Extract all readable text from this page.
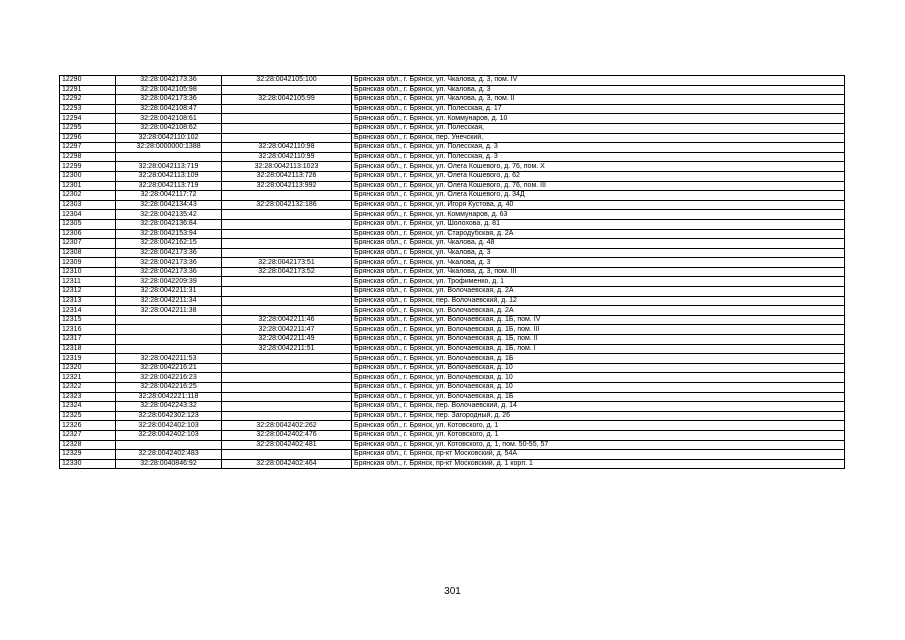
12290	32:28:0042173:36	32:28:0042105:100	Брянская обл., г. Брянск, ул. Чкалова, д. 3, пом. IV
12291	32:28:0042105:98		Брянская обл., г. Брянск, ул. Чкалова, д. 3
12292	32:28:0042173:36	32:28:0042105:99	Брянская обл., г. Брянск, ул. Чкалова, д. 3, пом. II
12293	32:28:0042108:47		Брянская обл., г. Брянск, ул. Полесская, д. 17
12294	32:28:0042108:61		Брянская обл., г. Брянск, ул. Коммунаров, д. 10
12295	32:28:0042108:62		Брянская обл., г. Брянск, ул. Полесская,
12296	32:28:0042110:102		Брянская обл., г. Брянск, пер. Унечский,
12297	32:28:0000000:1388	32:28:0042110:98	Брянская обл., г. Брянск, ул. Полесская, д. 3
12298		32:28:0042110:99	Брянская обл., г. Брянск, ул. Полесская, д. 3
12299	32:28:0042113:719	32:28:0042113:1023	Брянская обл., г. Брянск, ул. Олега Кошевого, д. 76, пом. X
12300	32:28:0042113:109	32:28:0042113:726	Брянская обл., г. Брянск, ул. Олега Кошевого, д. 62
12301	32:28:0042113:719	32:28:0042113:992	Брянская обл., г. Брянск, ул. Олега Кошевого, д. 76, пом. III
12302	32:28:0042117:72		Брянская обл., г. Брянск, ул. Олега Кошевого, д. 34Д
12303	32:28:0042134:43	32:28:0042132:186	Брянская обл., г. Брянск, ул. Игоря Кустова, д. 40
12304	32:28:0042135:42		Брянская обл., г. Брянск, ул. Коммунаров, д. 63
12305	32:28:0042136:84		Брянская обл., г. Брянск, ул. Шолохова, д. 81
12306	32:28:0042153:94		Брянская обл., г. Брянск, ул. Стародубская, д. 2А
12307	32:28:0042162:15		Брянская обл., г. Брянск, ул. Чкалова, д. 48
12308	32:28:0042173:36		Брянская обл., г. Брянск, ул. Чкалова, д. 3
12309	32:28:0042173:36	32:28:0042173:51	Брянская обл., г. Брянск, ул. Чкалова, д. 3
12310	32:28:0042173:36	32:28:0042173:52	Брянская обл., г. Брянск, ул. Чкалова, д. 3, пом. III
12311	32:28:0042209:39		Брянская обл., г. Брянск, ул. Трофименко, д. 1
12312	32:28:0042211:31		Брянская обл., г. Брянск, ул. Волочаевская, д. 2А
12313	32:28:0042211:34		Брянская обл., г. Брянск, пер. Волочаевский, д. 12
12314	32:28:0042211:38		Брянская обл., г. Брянск, ул. Волочаевская, д. 2А
12315		32:28:0042211:46	Брянская обл., г. Брянск, ул. Волочаевская, д. 1Б, пом. IV
12316		32:28:0042211:47	Брянская обл., г. Брянск, ул. Волочаевская, д. 1Б, пом. III
12317		32:28:0042211:49	Брянская обл., г. Брянск, ул. Волочаевская, д. 1Б, пом. II
12318		32:28:0042211:51	Брянская обл., г. Брянск, ул. Волочаевская, д. 1Б, пом. I
12319	32:28:0042211:53		Брянская обл., г. Брянск, ул. Волочаевская, д. 1Б
12320	32:28:0042216:21		Брянская обл., г. Брянск, ул. Волочаевская, д. 10
12321	32:28:0042216:23		Брянская обл., г. Брянск, ул. Волочаевская, д. 10
12322	32:28:0042216:25		Брянская обл., г. Брянск, ул. Волочаевская, д. 10
12323	32:28:0042221:118		Брянская обл., г. Брянск, ул. Волочаевская, д. 1Б
12324	32:28:0042243:32		Брянская обл., г. Брянск, пер. Волочаевский, д. 14
12325	32:28:0042302:123		Брянская обл., г. Брянск, пер. Загородный, д. 26
12326	32:28:0042402:103	32:28:0042402:262	Брянская обл., г. Брянск, ул. Котовского, д. 1
12327	32:28:0042402:103	32:28:0042402:476	Брянская обл., г. Брянск, ул. Котовского, д. 1
12328		32:28:0042402:481	Брянская обл., г. Брянск, ул. Котовского, д. 1, пом. 50-55, 57
12329	32:28:0042402:483		Брянская обл., г. Брянск, пр-кт Московский, д. 54А
12330	32:28:0040846:92	32:28:0042402:464	Брянская обл., г. Брянск, пр-кт Московский, д. 1 корп. 1
301
